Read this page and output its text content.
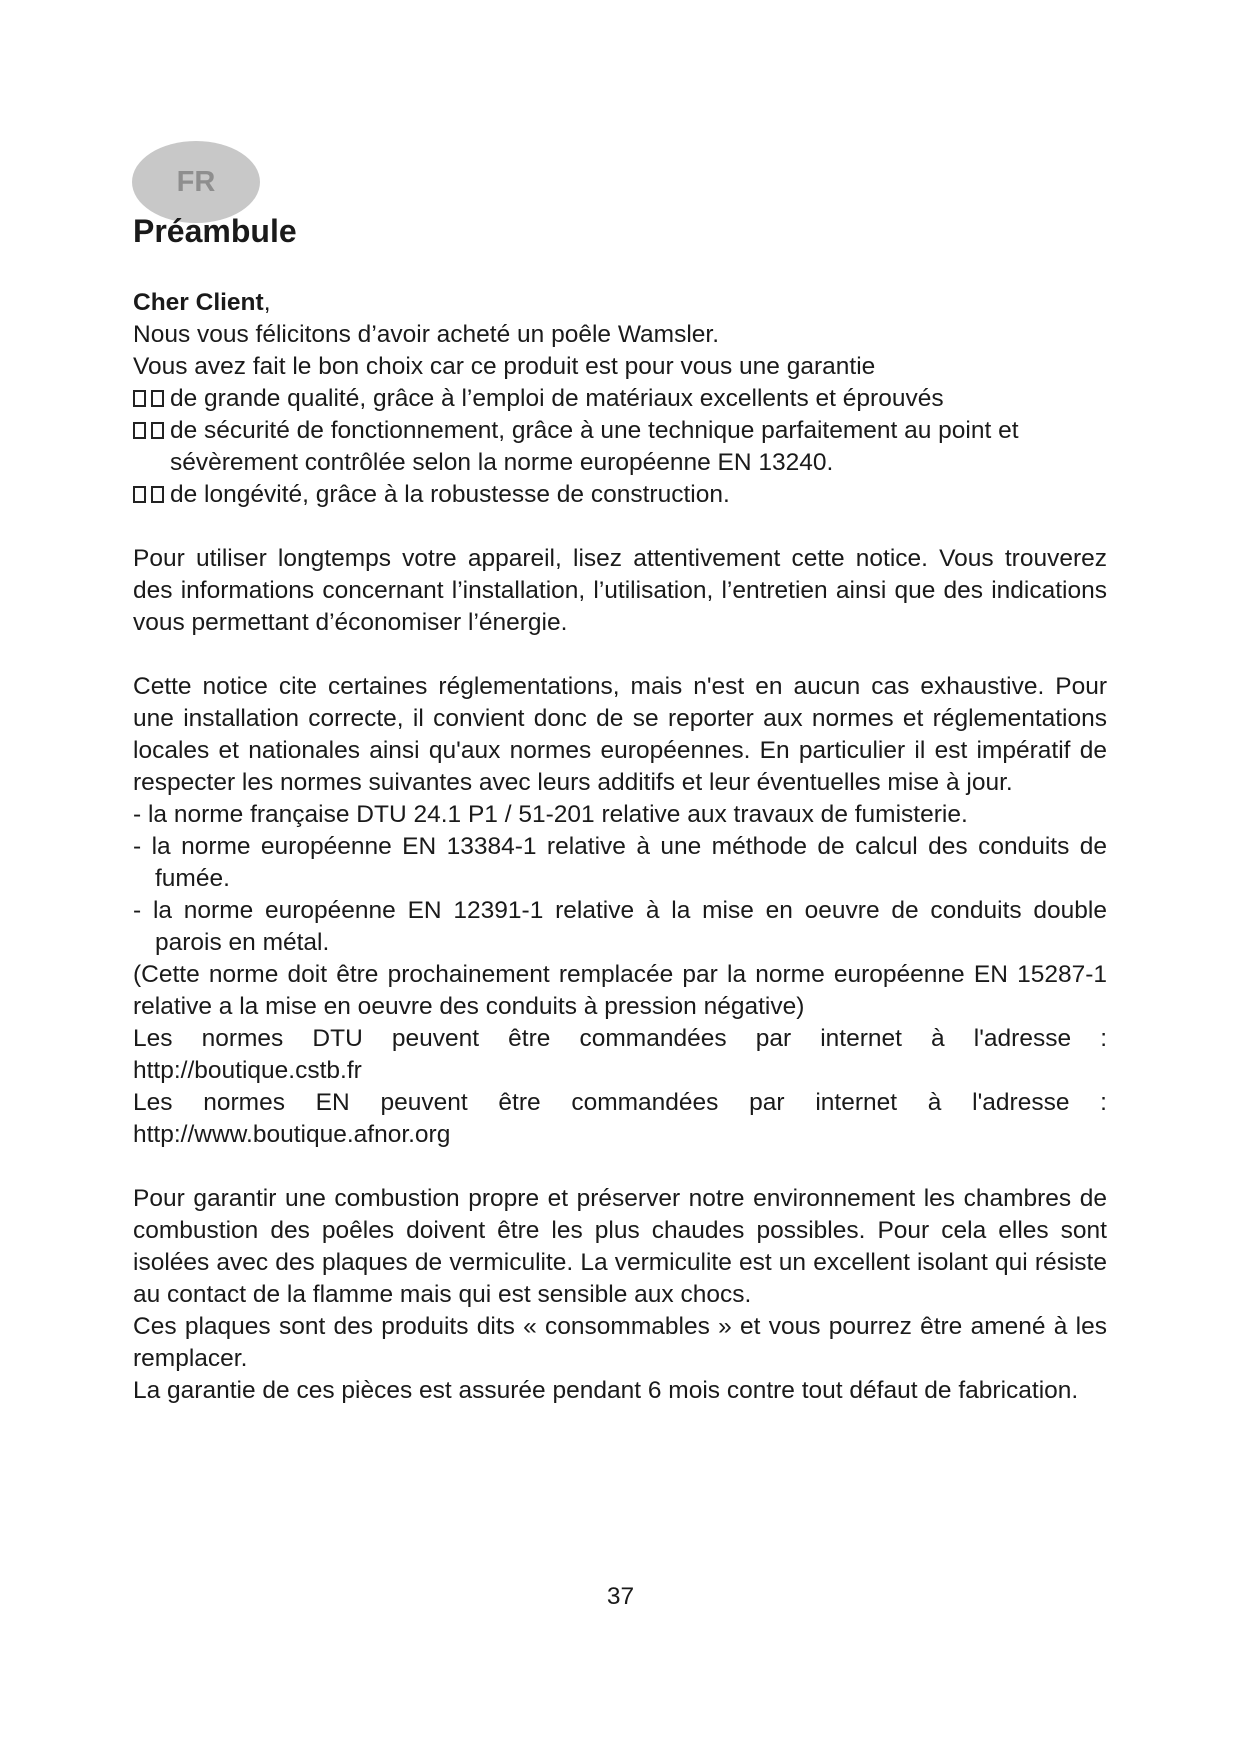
FR
Préambule

Cher Client,

Nous vous félicitons d’avoir acheté un poêle Wamsler.

Vous avez fait le bon choix car ce produit est pour vous une garantie

de grande qualité, grâce à l’emploi de matériaux excellents et éprouvés
de sécurité de fonctionnement, grâce à une technique parfaitement au point et sévèrement contrôlée selon la norme européenne EN 13240.
de longévité, grâce à la robustesse de construction.

Pour utiliser longtemps votre appareil, lisez attentivement cette notice. Vous trouverez des informations concernant l’installation, l’utilisation, l’entretien ainsi que des indications vous permettant d’économiser l’énergie.

Cette notice cite certaines réglementations, mais n'est en aucun cas exhaustive. Pour une installation correcte, il convient donc de se reporter aux normes et réglementations locales et nationales ainsi qu'aux normes européennes. En particulier il est impératif de respecter les normes suivantes avec leurs additifs et leur éventuelles mise à jour.

- la norme française DTU 24.1 P1 / 51-201 relative aux travaux de fumisterie.
- la norme européenne EN 13384-1 relative à une méthode de calcul des conduits de fumée.
- la norme européenne EN 12391-1 relative à la mise en oeuvre de conduits double parois en métal.

(Cette norme doit être prochainement remplacée par la norme européenne EN 15287-1 relative a la mise en oeuvre des conduits à pression négative)

Les normes DTU peuvent être commandées par internet à l'adresse :

http://boutique.cstb.fr

Les normes EN peuvent être commandées par internet à l'adresse :

http://www.boutique.afnor.org

Pour garantir une combustion propre et préserver notre environnement les chambres de combustion des poêles doivent être les plus chaudes possibles. Pour cela elles sont isolées avec des plaques de vermiculite. La vermiculite est un excellent isolant qui résiste au contact de la flamme mais qui est sensible aux chocs.

Ces plaques sont des produits dits « consommables » et vous pourrez être amené à les remplacer.

La garantie de ces pièces est assurée pendant 6 mois contre tout défaut de fabrication.

37
